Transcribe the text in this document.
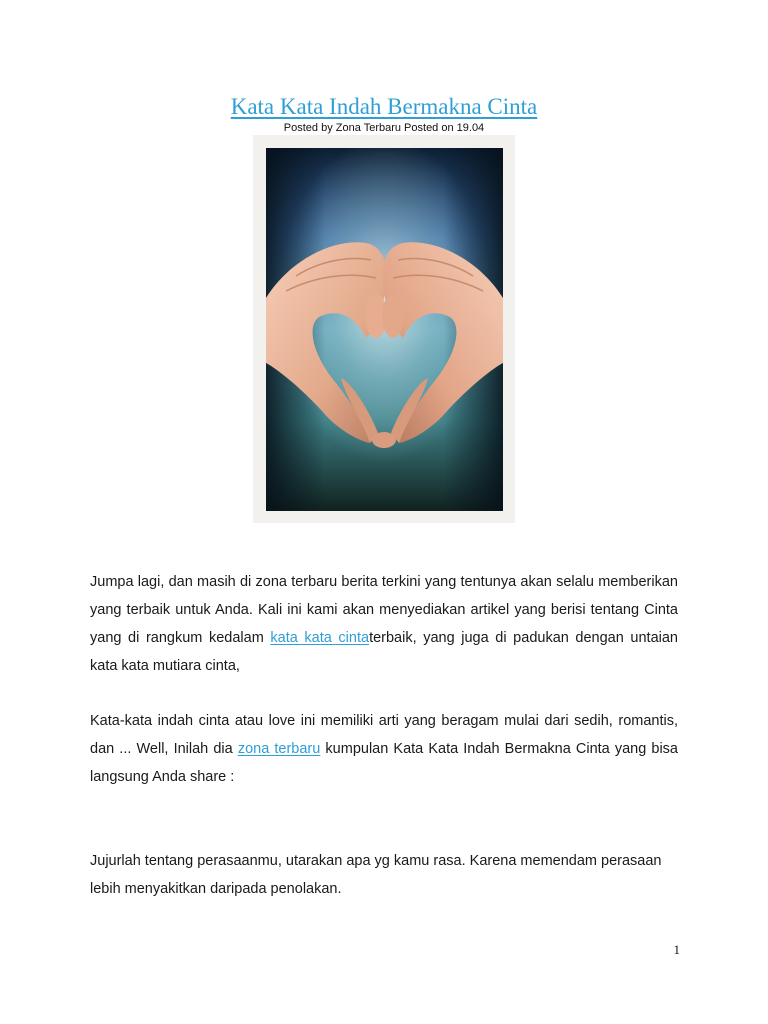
Kata Kata Indah Bermakna Cinta
Posted by Zona Terbaru Posted on 19.04
Jumpa lagi, dan masih di zona terbaru berita terkini yang tentunya akan selalu memberikan yang terbaik untuk Anda. Kali ini kami akan menyediakan artikel yang berisi tentang Cinta yang di rangkum kedalam kata kata cintaterbaik, yang juga di padukan dengan untaian kata kata mutiara cinta,
Kata-kata indah cinta atau love ini memiliki arti yang beragam mulai dari sedih, romantis, dan ... Well, Inilah dia zona terbaru kumpulan Kata Kata Indah Bermakna Cinta yang bisa langsung Anda share :
Jujurlah tentang perasaanmu, utarakan apa yg kamu rasa. Karena memendam perasaan lebih menyakitkan daripada penolakan.
1
